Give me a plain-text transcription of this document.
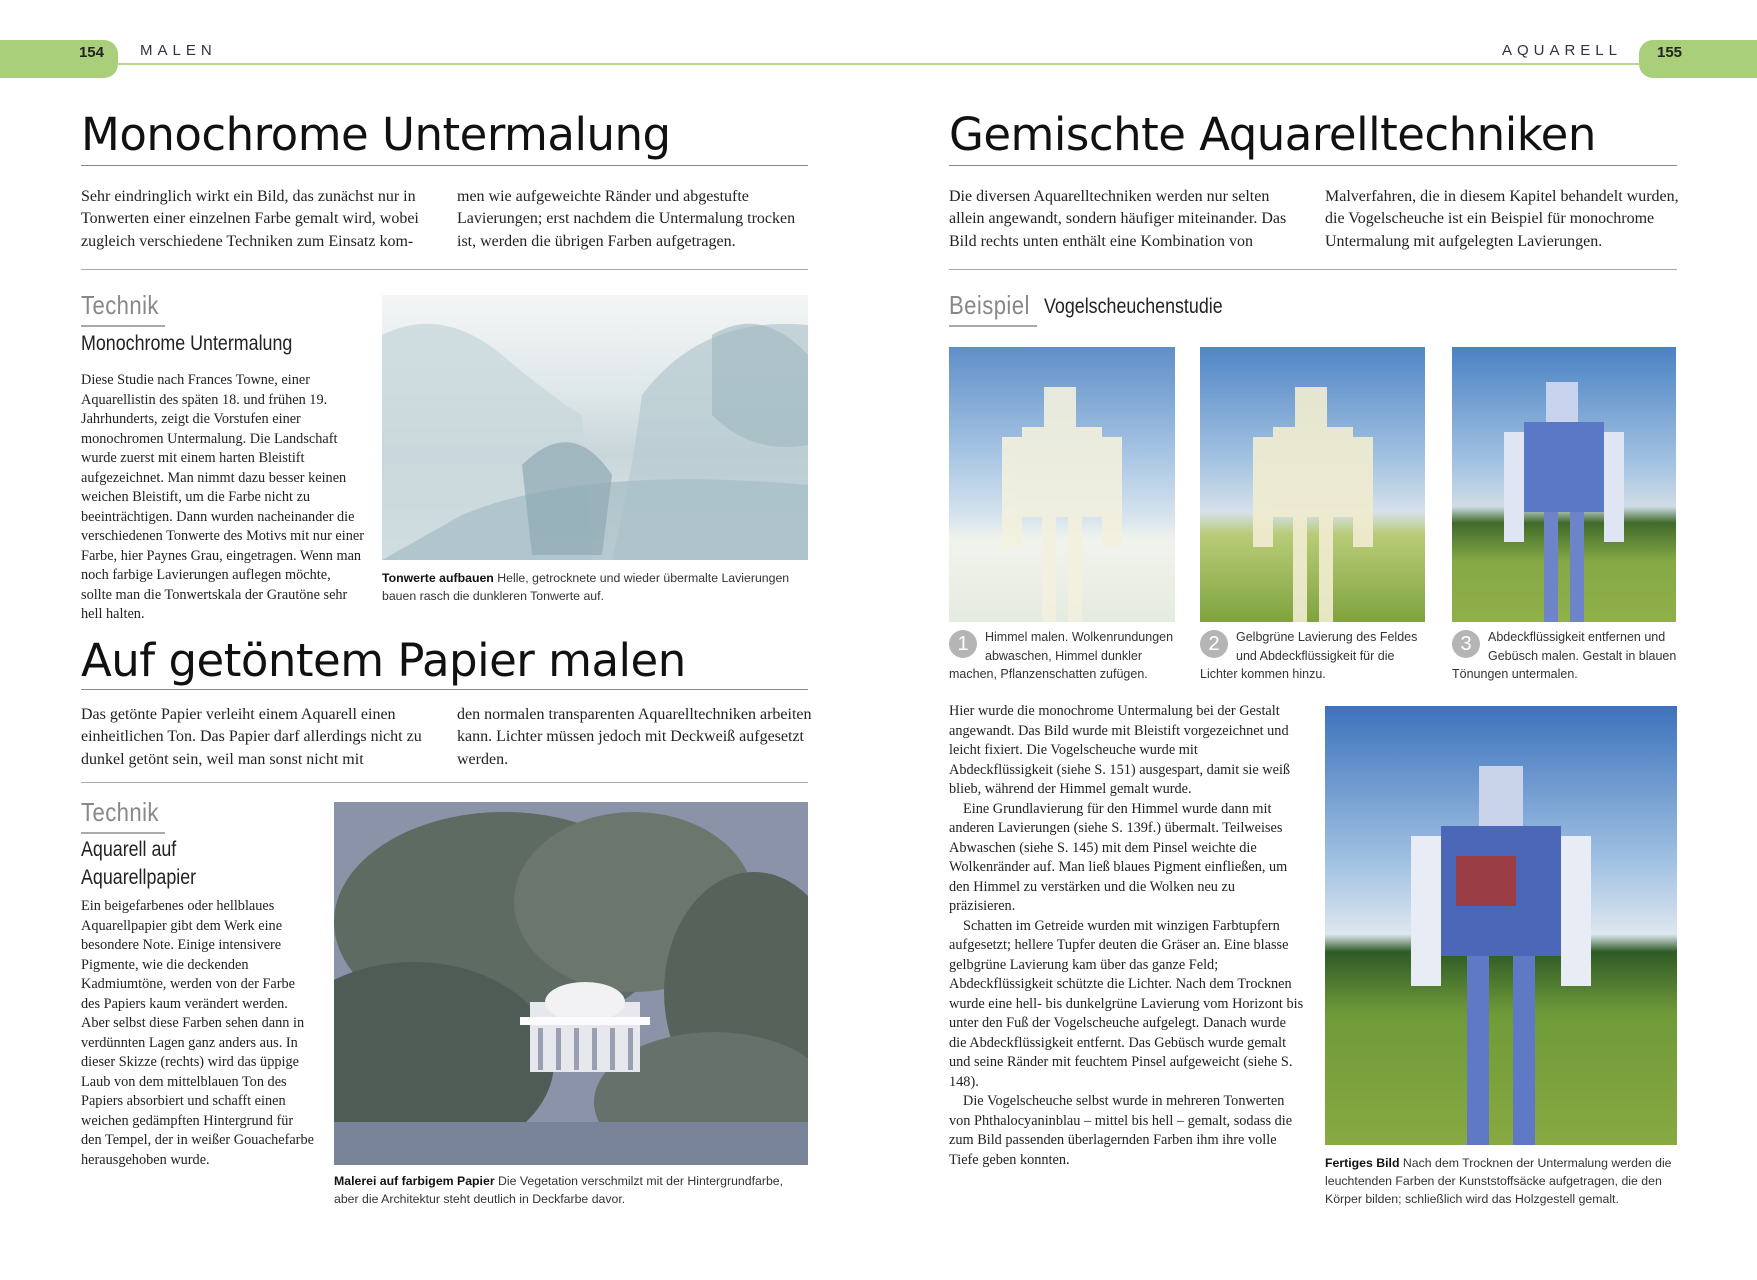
154	MALEN	AQUARELL	155
Monochrome Untermalung
Sehr eindringlich wirkt ein Bild, das zunächst nur in Tonwerten einer einzelnen Farbe gemalt wird, wobei zugleich verschiedene Techniken zum Einsatz kom-
men wie aufgeweichte Ränder und abgestufte Lavierungen; erst nachdem die Untermalung trocken ist, werden die übrigen Farben aufgetragen.
Technik
Monochrome Untermalung
Diese Studie nach Frances Towne, einer Aquarellistin des späten 18. und frühen 19. Jahrhunderts, zeigt die Vorstufen einer monochromen Untermalung. Die Landschaft wurde zuerst mit einem harten Bleistift aufgezeichnet. Man nimmt dazu besser keinen weichen Bleistift, um die Farbe nicht zu beeinträchtigen. Dann wurden nacheinander die verschiedenen Tonwerte des Motivs mit nur einer Farbe, hier Paynes Grau, eingetragen. Wenn man noch farbige Lavierungen auflegen möchte, sollte man die Tonwertskala der Grautöne sehr hell halten.
Tonwerte aufbauen Helle, getrocknete und wieder übermalte Lavierungen bauen rasch die dunkleren Tonwerte auf.
Auf getöntem Papier malen
Das getönte Papier verleiht einem Aquarell einen einheitlichen Ton. Das Papier darf allerdings nicht zu dunkel getönt sein, weil man sonst nicht mit
den normalen transparenten Aquarelltechniken arbeiten kann. Lichter müssen jedoch mit Deckweiß aufgesetzt werden.
Technik
Aquarell auf
Aquarellpapier
Ein beigefarbenes oder hellblaues Aquarellpapier gibt dem Werk eine besondere Note. Einige intensivere Pigmente, wie die deckenden Kadmiumtöne, werden von der Farbe des Papiers kaum verändert werden. Aber selbst diese Farben sehen dann in verdünnten Lagen ganz anders aus. In dieser Skizze (rechts) wird das üppige Laub von dem mittelblauen Ton des Papiers absorbiert und schafft einen weichen gedämpften Hintergrund für den Tempel, der in weißer Gouachefarbe herausgehoben wurde.
Malerei auf farbigem Papier Die Vegetation verschmilzt mit der Hintergrundfarbe, aber die Architektur steht deutlich in Deckfarbe davor.
Gemischte Aquarelltechniken
Die diversen Aquarelltechniken werden nur selten allein angewandt, sondern häufiger miteinander. Das Bild rechts unten enthält eine Kombination von
Malverfahren, die in diesem Kapitel behandelt wurden, die Vogelscheuche ist ein Beispiel für monochrome Untermalung mit aufgelegten Lavierungen.
Beispiel Vogelscheuchenstudie
1	Himmel malen. Wolkenrundungen abwaschen, Himmel dunkler machen, Pflanzenschatten zufügen.
2	Gelbgrüne Lavierung des Feldes und Abdeckflüssigkeit für die Lichter kommen hinzu.
3	Abdeckflüssigkeit entfernen und Gebüsch malen. Gestalt in blauen Tönungen untermalen.

Hier wurde die monochrome Untermalung bei der Gestalt angewandt. Das Bild wurde mit Bleistift vorgezeichnet und leicht fixiert. Die Vogelscheuche wurde mit Abdeckflüssigkeit (siehe S. 151) ausgespart, damit sie weiß blieb, während der Himmel gemalt wurde.

Eine Grundlavierung für den Himmel wurde dann mit anderen Lavierungen (siehe S. 139f.) übermalt. Teilweises Abwaschen (siehe S. 145) mit dem Pinsel weichte die Wolkenränder auf. Man ließ blaues Pigment einfließen, um den Himmel zu verstärken und die Wolken neu zu präzisieren.

Schatten im Getreide wurden mit winzigen Farbtupfern aufgesetzt; hellere Tupfer deuten die Gräser an. Eine blasse gelbgrüne Lavierung kam über das ganze Feld; Abdeckflüssigkeit schützte die Lichter. Nach dem Trocknen wurde eine hell- bis dunkelgrüne Lavierung vom Horizont bis unter den Fuß der Vogelscheuche aufgelegt. Danach wurde die Abdeckflüssigkeit entfernt. Das Gebüsch wurde gemalt und seine Ränder mit feuchtem Pinsel aufgeweicht (siehe S. 148).

Die Vogelscheuche selbst wurde in mehreren Tonwerten von Phthalocyaninblau – mittel bis hell – gemalt, sodass die zum Bild passenden überlagernden Farben ihm ihre volle Tiefe geben konnten.	Fertiges Bild Nach dem Trocknen der Untermalung werden die leuchtenden Farben der Kunststoffsäcke aufgetragen, die den Körper bilden; schließlich wird das Holzgestell gemalt.
